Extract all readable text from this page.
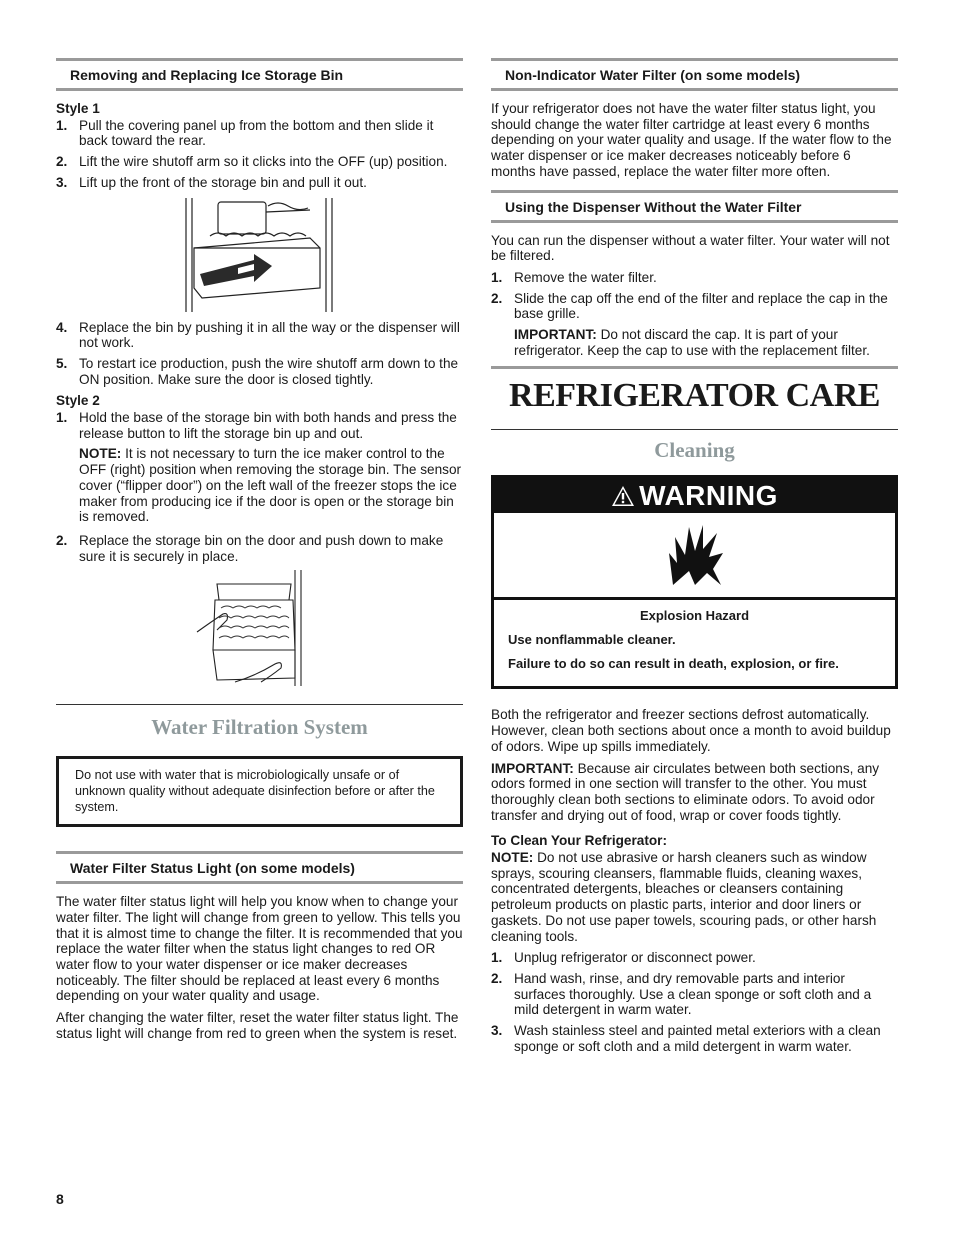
Removing and Replacing Ice Storage Bin
Style 1
1. Pull the covering panel up from the bottom and then slide it back toward the rear.
2. Lift the wire shutoff arm so it clicks into the OFF (up) position.
3. Lift up the front of the storage bin and pull it out.
4. Replace the bin by pushing it in all the way or the dispenser will not work.
5. To restart ice production, push the wire shutoff arm down to the ON position. Make sure the door is closed tightly.
Style 2
1. Hold the base of the storage bin with both hands and press the release button to lift the storage bin up and out.
NOTE: It is not necessary to turn the ice maker control to the OFF (right) position when removing the storage bin. The sensor cover (“flipper door”) on the left wall of the freezer stops the ice maker from producing ice if the door is open or the storage bin is removed.
2. Replace the storage bin on the door and push down to make sure it is securely in place.
Water Filtration System
Do not use with water that is microbiologically unsafe or of unknown quality without adequate disinfection before or after the system.
Water Filter Status Light (on some models)

The water filter status light will help you know when to change your water filter. The light will change from green to yellow. This tells you that it is almost time to change the filter. It is recommended that you replace the water filter when the status light changes to red OR water flow to your water dispenser or ice maker decreases noticeably. The filter should be replaced at least every 6 months depending on your water quality and usage.

After changing the water filter, reset the water filter status light. The status light will change from red to green when the system is reset.

Non-Indicator Water Filter (on some models)

If your refrigerator does not have the water filter status light, you should change the water filter cartridge at least every 6 months depending on your water quality and usage. If the water flow to the water dispenser or ice maker decreases noticeably before 6 months have passed, replace the water filter more often.

Using the Dispenser Without the Water Filter

You can run the dispenser without a water filter. Your water will not be filtered.

1. Remove the water filter.
2. Slide the cap off the end of the filter and replace the cap in the base grille.
IMPORTANT: Do not discard the cap. It is part of your refrigerator. Keep the cap to use with the replacement filter.
REFRIGERATOR CARE
Cleaning
WARNING
Explosion Hazard
Use nonflammable cleaner.
Failure to do so can result in death, explosion, or fire.

Both the refrigerator and freezer sections defrost automatically. However, clean both sections about once a month to avoid buildup of odors. Wipe up spills immediately.

IMPORTANT: Because air circulates between both sections, any odors formed in one section will transfer to the other. You must thoroughly clean both sections to eliminate odors. To avoid odor transfer and drying out of food, wrap or cover foods tightly.

To Clean Your Refrigerator:

NOTE: Do not use abrasive or harsh cleaners such as window sprays, scouring cleansers, flammable fluids, cleaning waxes, concentrated detergents, bleaches or cleansers containing petroleum products on plastic parts, interior and door liners or gaskets. Do not use paper towels, scouring pads, or other harsh cleaning tools.

1. Unplug refrigerator or disconnect power.
2. Hand wash, rinse, and dry removable parts and interior surfaces thoroughly. Use a clean sponge or soft cloth and a mild detergent in warm water.
3. Wash stainless steel and painted metal exteriors with a clean sponge or soft cloth and a mild detergent in warm water.
8
